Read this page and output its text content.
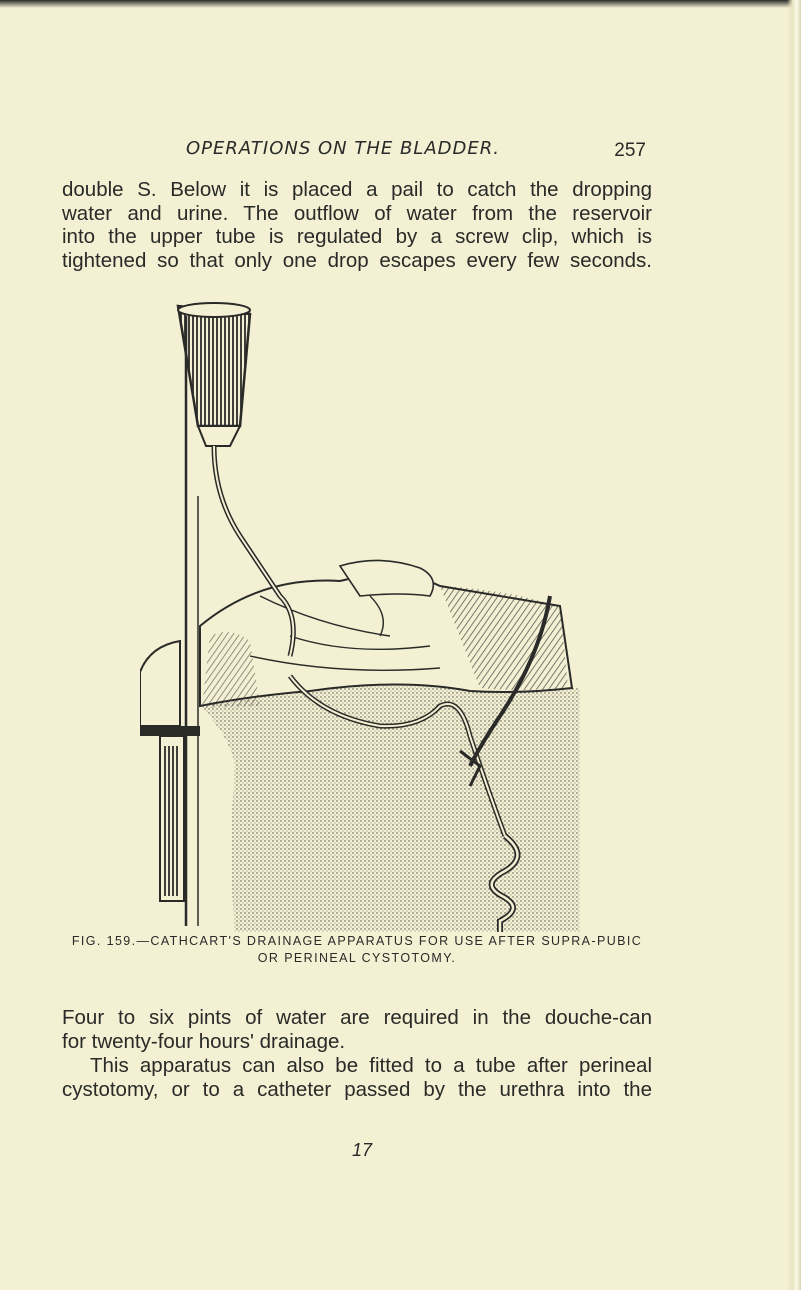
OPERATIONS ON THE BLADDER.	257
double S. Below it is placed a pail to catch the dropping
water and urine. The outflow of water from the reservoir
into the upper tube is regulated by a screw clip, which is
tightened so that only one drop escapes every few seconds.
FIG. 159.—CATHCART'S DRAINAGE APPARATUS FOR USE AFTER SUPRA-PUBIC
OR PERINEAL CYSTOTOMY.
Four to six pints of water are required in the douche-can
for twenty-four hours' drainage.
This apparatus can also be fitted to a tube after perineal
cystotomy, or to a catheter passed by the urethra into the
17
